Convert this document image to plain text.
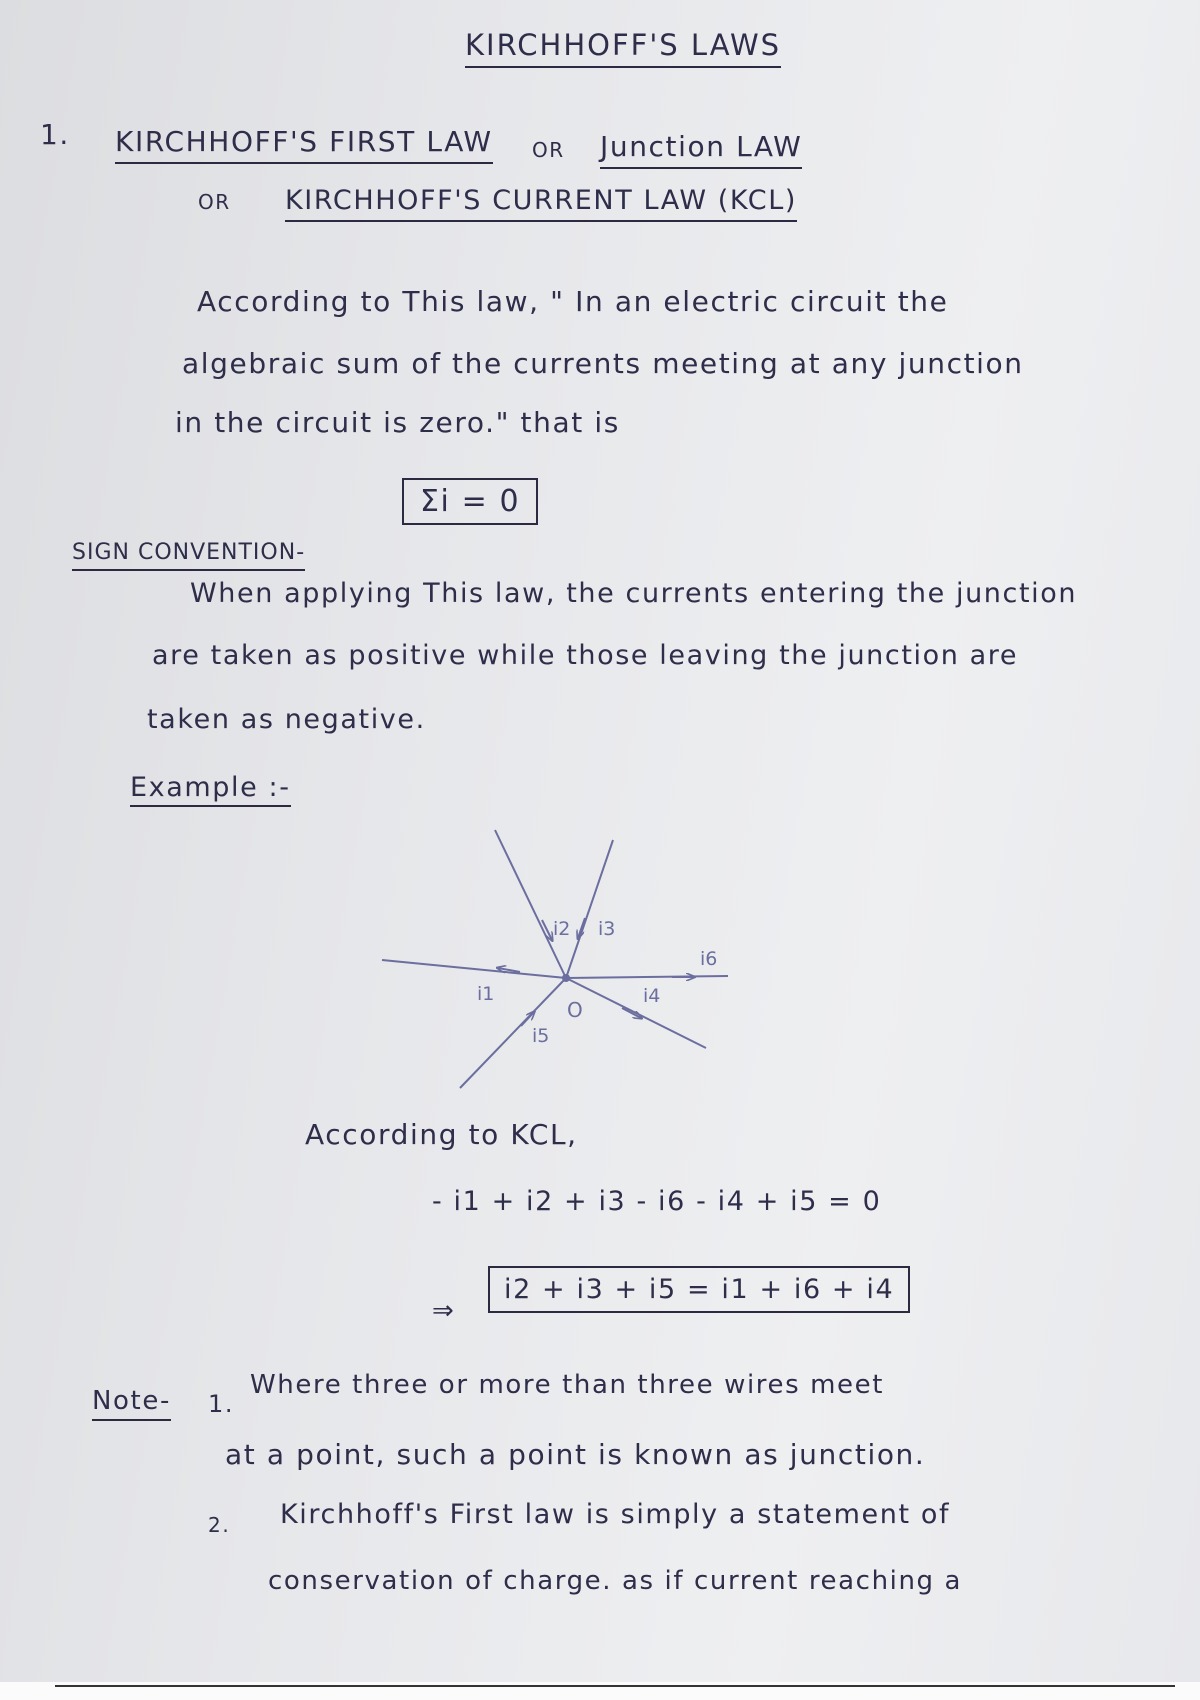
KIRCHHOFF'S LAWS

1. KIRCHHOFF'S FIRST LAW OR Junction LAW

OR KIRCHHOFF'S CURRENT LAW (KCL)

According to This law, " In an electric circuit the

algebraic sum of the currents meeting at any junction

in the circuit is zero." that is

Σi = 0

SIGN CONVENTION-

When applying This law, the currents entering the junction

are taken as positive while those leaving the junction are

taken as negative.

Example :-

O
i1
i2 i3
i4
i5
i6

According to KCL,

- i1 + i2 + i3 - i6 - i4 + i5 = 0

⇒

i2 + i3 + i5 = i1 + i6 + i4

Note- 1.

Where three or more than three wires meet

at a point, such a point is known as junction.

2. Kirchhoff's First law is simply a statement of

conservation of charge. as if current reaching a
